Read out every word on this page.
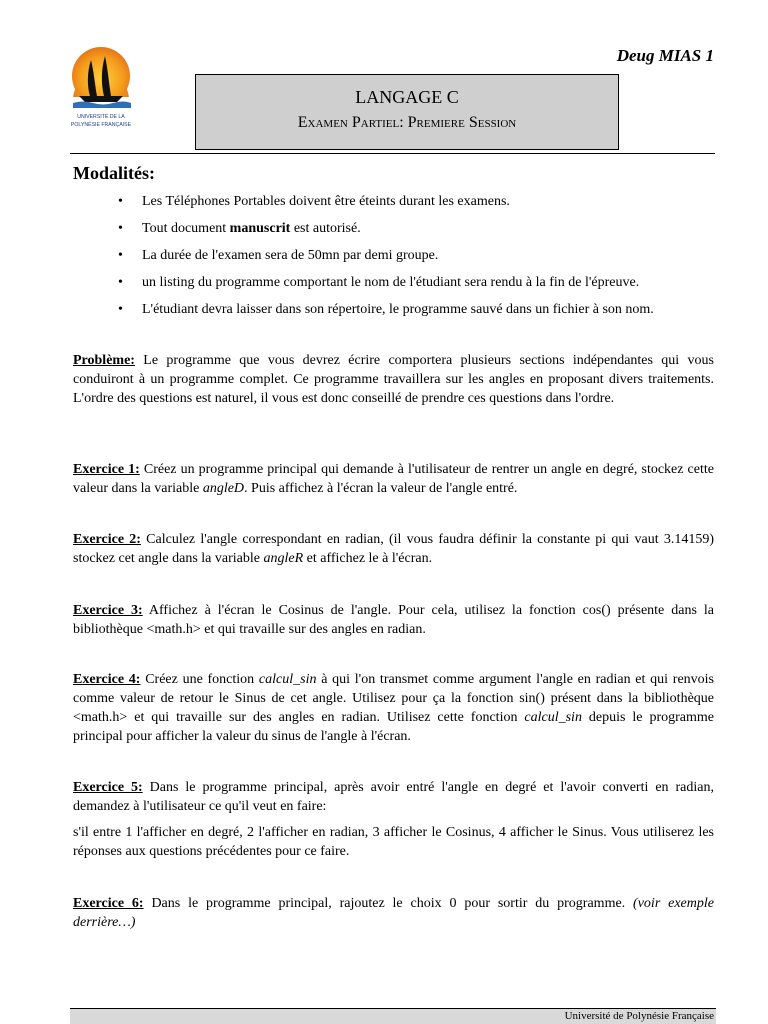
UNIVERSITÉ DE LA
POLYNÉSIE FRANÇAISE
Deug MIAS 1
LANGAGE C
Examen Partiel: Premiere Session
Modalités:
• Les Téléphones Portables doivent être éteints durant les examens.
• Tout document manuscrit est autorisé.
• La durée de l'examen sera de 50mn par demi groupe.
• un listing du programme comportant le nom de l'étudiant sera rendu à la fin de l'épreuve.
• L'étudiant devra laisser dans son répertoire, le programme sauvé dans un fichier à son nom.
Problème: Le programme que vous devrez écrire comportera plusieurs sections indépendantes qui vous conduiront à un programme complet. Ce programme travaillera sur les angles en proposant divers traitements. L'ordre des questions est naturel, il vous est donc conseillé de prendre ces questions dans l'ordre.
Exercice 1: Créez un programme principal qui demande à l'utilisateur de rentrer un angle en degré, stockez cette valeur dans la variable angleD. Puis affichez à l'écran la valeur de l'angle entré.
Exercice 2: Calculez l'angle correspondant en radian, (il vous faudra définir la constante pi qui vaut 3.14159) stockez cet angle dans la variable angleR et affichez le à l'écran.
Exercice 3: Affichez à l'écran le Cosinus de l'angle. Pour cela, utilisez la fonction cos() présente dans la bibliothèque <math.h> et qui travaille sur des angles en radian.
Exercice 4: Créez une fonction calcul_sin à qui l'on transmet comme argument l'angle en radian et qui renvois comme valeur de retour le Sinus de cet angle. Utilisez pour ça la fonction sin() présent dans la bibliothèque <math.h> et qui travaille sur des angles en radian. Utilisez cette fonction calcul_sin depuis le programme principal pour afficher la valeur du sinus de l'angle à l'écran.
Exercice 5: Dans le programme principal, après avoir entré l'angle en degré et l'avoir converti en radian, demandez à l'utilisateur ce qu'il veut en faire:
s'il entre 1 l'afficher en degré, 2 l'afficher en radian, 3 afficher le Cosinus, 4 afficher le Sinus. Vous utiliserez les réponses aux questions précédentes pour ce faire.
Exercice 6: Dans le programme principal, rajoutez le choix 0 pour sortir du programme. (voir exemple derrière…)
Université de Polynésie Française
